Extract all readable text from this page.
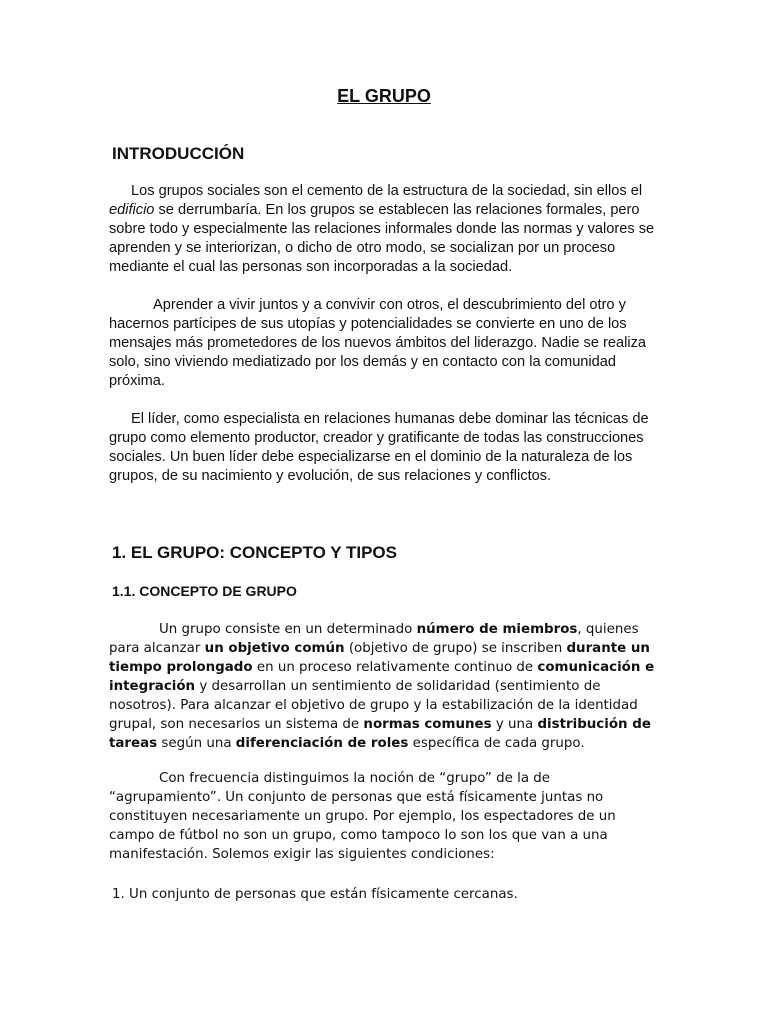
EL GRUPO
INTRODUCCIÓN

Los grupos sociales son el cemento de la estructura de la sociedad, sin ellos el edificio se derrumbaría. En los grupos se establecen las relaciones formales, pero sobre todo y especialmente las relaciones informales donde las normas y valores se aprenden y se interiorizan, o dicho de otro modo, se socializan por un proceso mediante el cual las personas son incorporadas a la sociedad.

Aprender a vivir juntos y a convivir con otros, el descubrimiento del otro y hacernos partícipes de sus utopías y potencialidades se convierte en uno de los mensajes más prometedores de los nuevos ámbitos del liderazgo. Nadie se realiza solo, sino viviendo mediatizado por los demás y en contacto con la comunidad próxima.

El líder, como especialista en relaciones humanas debe dominar las técnicas de grupo como elemento productor, creador y gratificante de todas las construcciones sociales. Un buen líder debe especializarse en el dominio de la naturaleza de los grupos, de su nacimiento y evolución, de sus relaciones y conflictos.

1. EL GRUPO: CONCEPTO Y TIPOS
1.1. CONCEPTO DE GRUPO

Un grupo consiste en un determinado número de miembros, quienes para alcanzar un objetivo común (objetivo de grupo) se inscriben durante un tiempo prolongado en un proceso relativamente continuo de comunicación e integración y desarrollan un sentimiento de solidaridad (sentimiento de nosotros). Para alcanzar el objetivo de grupo y la estabilización de la identidad grupal, son necesarios un sistema de normas comunes y una distribución de tareas según una diferenciación de roles específica de cada grupo.

Con frecuencia distinguimos la noción de “grupo” de la de “agrupamiento”. Un conjunto de personas que está físicamente juntas no constituyen necesariamente un grupo. Por ejemplo, los espectadores de un campo de fútbol no son un grupo, como tampoco lo son los que van a una manifestación. Solemos exigir las siguientes condiciones:

1. Un conjunto de personas que están físicamente cercanas.
